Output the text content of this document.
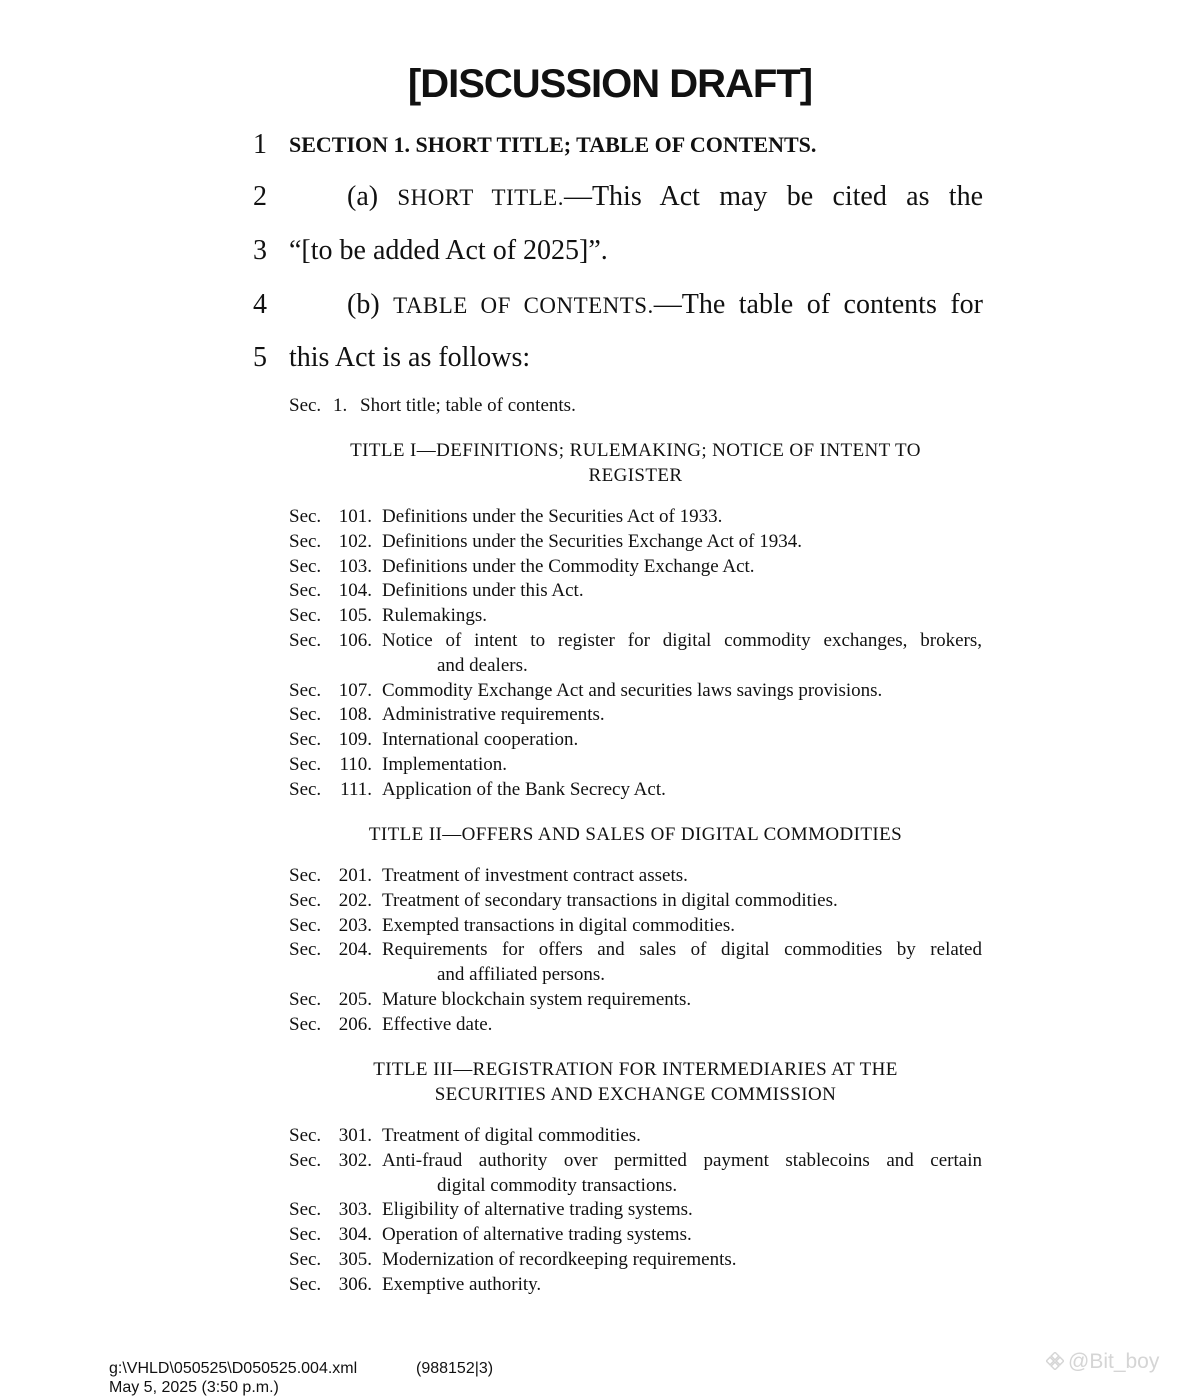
[DISCUSSION DRAFT]
1	SECTION 1. SHORT TITLE; TABLE OF CONTENTS.
2	(a) SHORT TITLE.—This Act may be cited as the
3 “[to be added Act of 2025]”.
4	(b) TABLE OF CONTENTS.—The table of contents for
5 this Act is as follows:
Sec. 1. Short title; table of contents.
TITLE I—DEFINITIONS; RULEMAKING; NOTICE OF INTENT TO
REGISTER
Sec. 101. Definitions under the Securities Act of 1933.
Sec. 102. Definitions under the Securities Exchange Act of 1934.
Sec. 103. Definitions under the Commodity Exchange Act.
Sec. 104. Definitions under this Act.
Sec. 105. Rulemakings.
Sec. 106. Notice of intent to register for digital commodity exchanges, brokers,
and dealers.
Sec. 107. Commodity Exchange Act and securities laws savings provisions.
Sec. 108. Administrative requirements.
Sec. 109. International cooperation.
Sec. 110. Implementation.
Sec. 111. Application of the Bank Secrecy Act.
TITLE II—OFFERS AND SALES OF DIGITAL COMMODITIES
Sec. 201. Treatment of investment contract assets.
Sec. 202. Treatment of secondary transactions in digital commodities.
Sec. 203. Exempted transactions in digital commodities.
Sec. 204. Requirements for offers and sales of digital commodities by related
and affiliated persons.
Sec. 205. Mature blockchain system requirements.
Sec. 206. Effective date.
TITLE III—REGISTRATION FOR INTERMEDIARIES AT THE
SECURITIES AND EXCHANGE COMMISSION
Sec. 301. Treatment of digital commodities.
Sec. 302. Anti-fraud authority over permitted payment stablecoins and certain
digital commodity transactions.
Sec. 303. Eligibility of alternative trading systems.
Sec. 304. Operation of alternative trading systems.
Sec. 305. Modernization of recordkeeping requirements.
Sec. 306. Exemptive authority.
g:\VHLD\050525\D050525.004.xml	(988152|3)
May 5, 2025 (3:50 p.m.)
@Bit_boy
